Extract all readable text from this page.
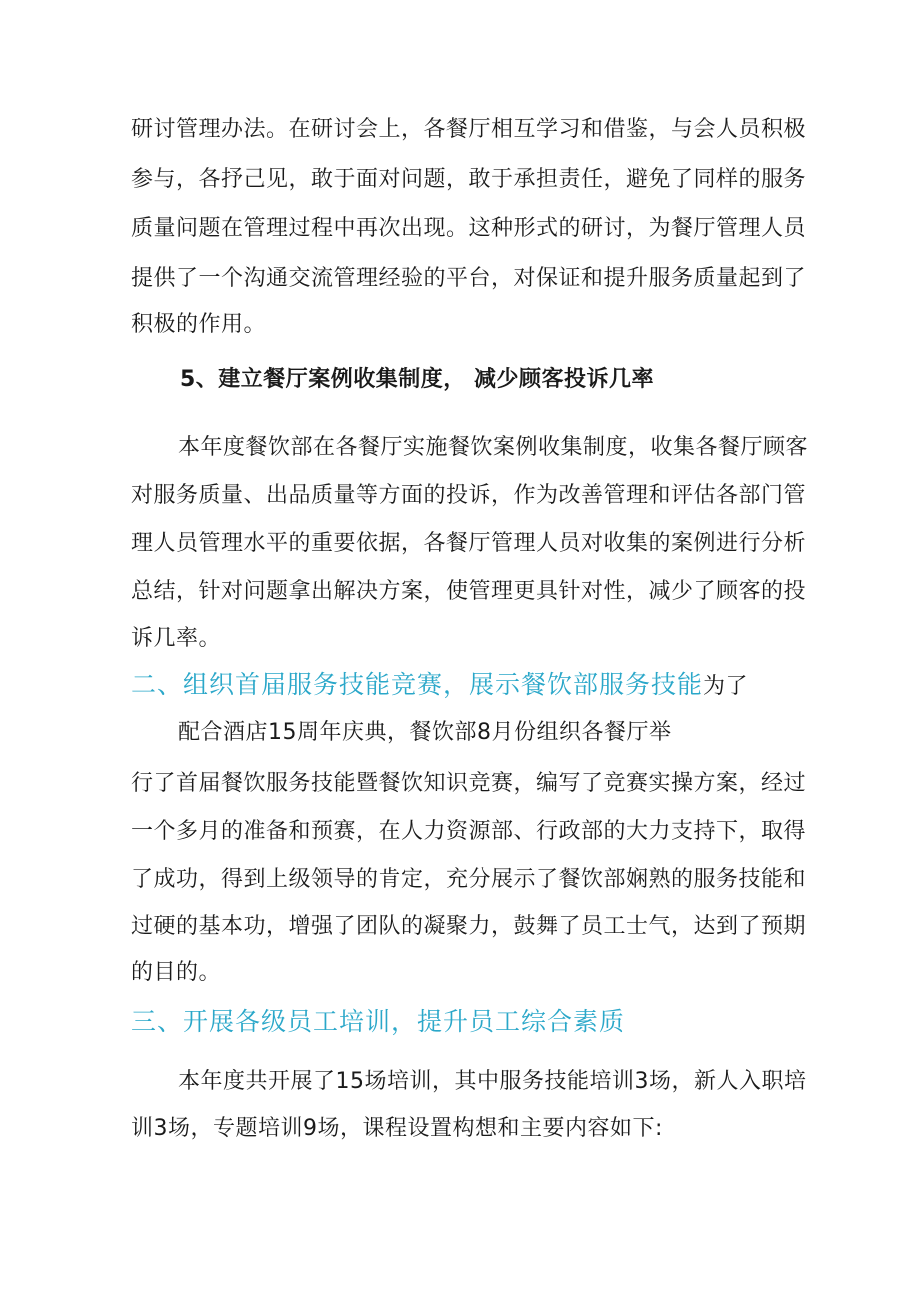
研讨管理办法。在研讨会上，各餐厅相互学习和借鉴，与会人员积极
参与，各抒己见，敢于面对问题，敢于承担责任，避免了同样的服务
质量问题在管理过程中再次出现。这种形式的研讨，为餐厅管理人员
提供了一个沟通交流管理经验的平台，对保证和提升服务质量起到了
积极的作用。
5、建立餐厅案例收集制度， 减少顾客投诉几率
本年度餐饮部在各餐厅实施餐饮案例收集制度，收集各餐厅顾客
对服务质量、出品质量等方面的投诉，作为改善管理和评估各部门管
理人员管理水平的重要依据，各餐厅管理人员对收集的案例进行分析
总结，针对问题拿出解决方案，使管理更具针对性，减少了顾客的投
诉几率。
二、组织首届服务技能竞赛，展示餐饮部服务技能为了
配合酒店15周年庆典，餐饮部8月份组织各餐厅举
行了首届餐饮服务技能暨餐饮知识竞赛，编写了竞赛实操方案，经过
一个多月的准备和预赛，在人力资源部、行政部的大力支持下，取得
了成功，得到上级领导的肯定，充分展示了餐饮部娴熟的服务技能和
过硬的基本功，增强了团队的凝聚力，鼓舞了员工士气，达到了预期
的目的。
三、开展各级员工培训，提升员工综合素质
本年度共开展了15场培训，其中服务技能培训3场，新人入职培
训3场，专题培训9场，课程设置构想和主要内容如下:
